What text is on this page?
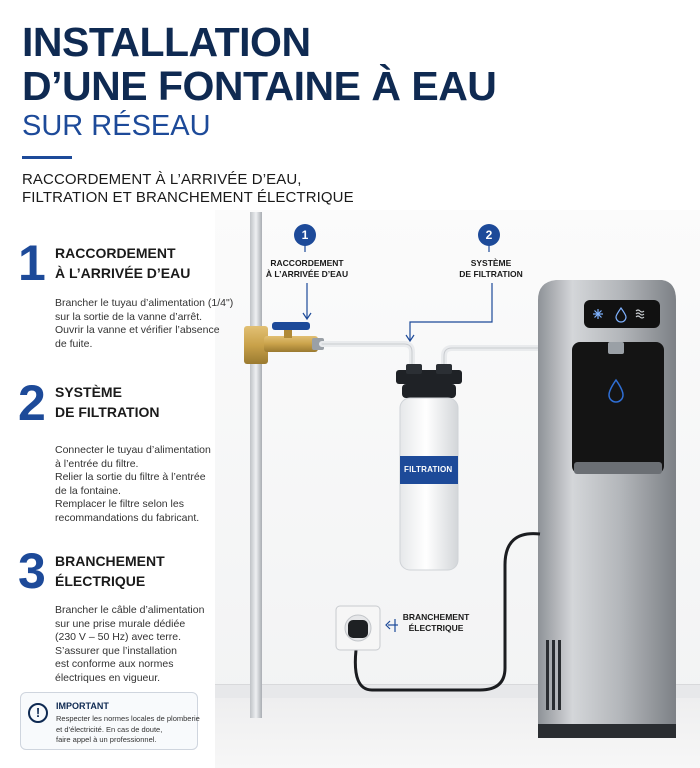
INSTALLATION
D’UNE FONTAINE À EAU
SUR RÉSEAU
RACCORDEMENT À L’ARRIVÉE D’EAU,
FILTRATION ET BRANCHEMENT ÉLECTRIQUE
1 RACCORDEMENT
À L’ARRIVÉE D’EAU
Brancher le tuyau d’alimentation (1/4")
sur la sortie de la vanne d’arrêt.
Ouvrir la vanne et vérifier l’absence
de fuite.
2 SYSTÈME
DE FILTRATION
Connecter le tuyau d’alimentation
à l’entrée du filtre.
Relier la sortie du filtre à l’entrée
de la fontaine.
Remplacer le filtre selon les
recommandations du fabricant.
3 BRANCHEMENT
ÉLECTRIQUE
Brancher le câble d’alimentation
sur une prise murale dédiée
(230 V – 50 Hz) avec terre.
S’assurer que l’installation
est conforme aux normes
électriques en vigueur.
!	IMPORTANT
Respecter les normes locales de plomberie
et d’électricité. En cas de doute,
faire appel à un professionnel.
1
RACCORDEMENT
À L’ARRIVÉE D’EAU
2
SYSTÈME
DE FILTRATION
BRANCHEMENT
ÉLECTRIQUE
FILTRATION
